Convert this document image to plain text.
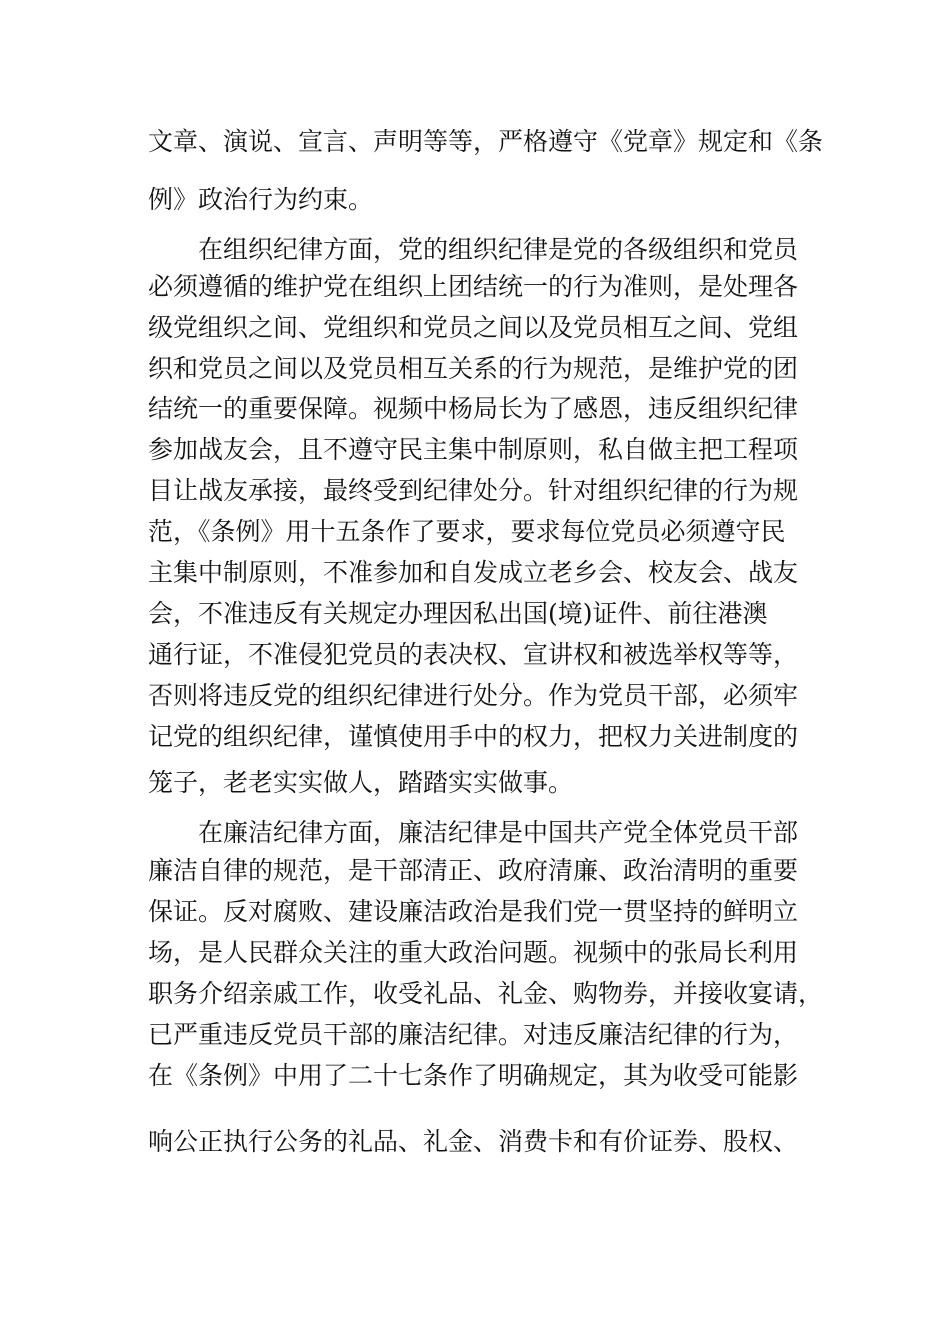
文章、演说、宣言、声明等等，严格遵守《党章》规定和《条
例》政治行为约束。
在组织纪律方面，党的组织纪律是党的各级组织和党员
必须遵循的维护党在组织上团结统一的行为准则，是处理各
级党组织之间、党组织和党员之间以及党员相互之间、党组
织和党员之间以及党员相互关系的行为规范，是维护党的团
结统一的重要保障。视频中杨局长为了感恩，违反组织纪律
参加战友会，且不遵守民主集中制原则，私自做主把工程项
目让战友承接，最终受到纪律处分。针对组织纪律的行为规
范，《条例》用十五条作了要求，要求每位党员必须遵守民
主集中制原则，不准参加和自发成立老乡会、校友会、战友
会，不准违反有关规定办理因私出国(境)证件、前往港澳
通行证，不准侵犯党员的表决权、宣讲权和被选举权等等，
否则将违反党的组织纪律进行处分。作为党员干部，必须牢
记党的组织纪律，谨慎使用手中的权力，把权力关进制度的
笼子，老老实实做人，踏踏实实做事。
在廉洁纪律方面，廉洁纪律是中国共产党全体党员干部
廉洁自律的规范，是干部清正、政府清廉、政治清明的重要
保证。反对腐败、建设廉洁政治是我们党一贯坚持的鲜明立
场，是人民群众关注的重大政治问题。视频中的张局长利用
职务介绍亲戚工作，收受礼品、礼金、购物券，并接收宴请，
已严重违反党员干部的廉洁纪律。对违反廉洁纪律的行为，
在《条例》中用了二十七条作了明确规定，其为收受可能影
响公正执行公务的礼品、礼金、消费卡和有价证券、股权、
